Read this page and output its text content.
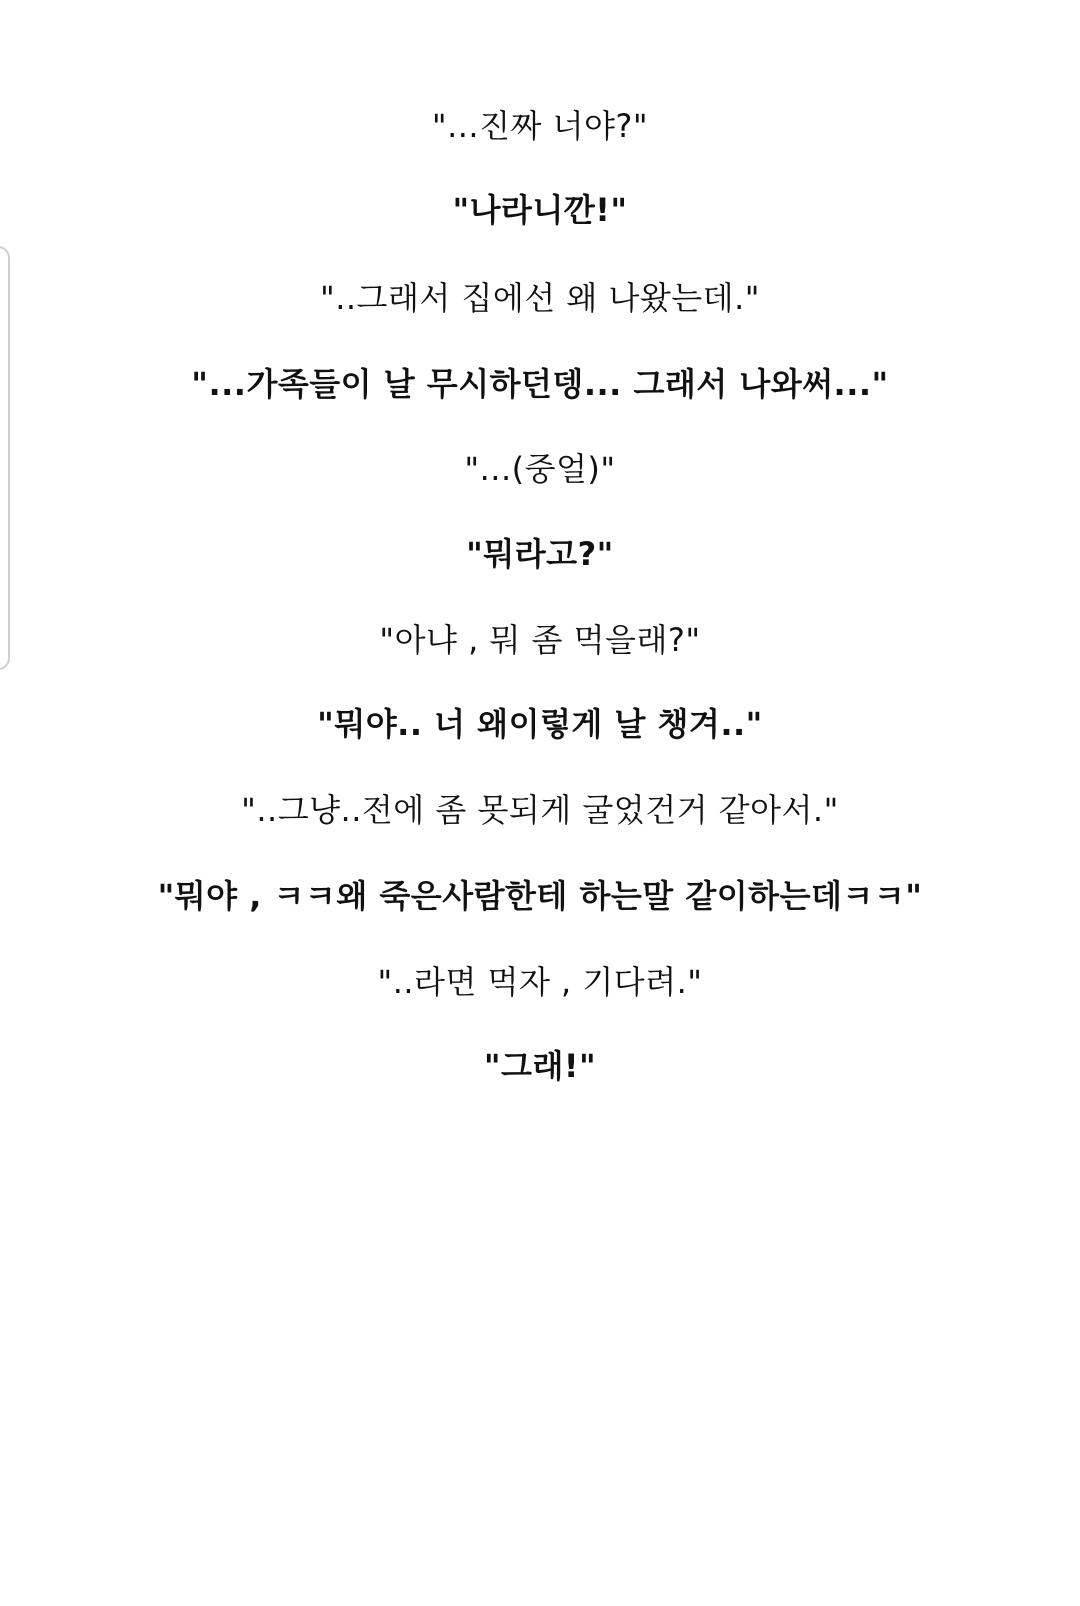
"...진짜 너야?"

"나라니깐!"

"..그래서 집에선 왜 나왔는데."

"...가족들이 날 무시하던뎅... 그래서 나와써..."

"...(중얼)"

"뭐라고?"

"아냐 , 뭐 좀 먹을래?"

"뭐야.. 너 왜이렇게 날 챙겨.."

"..그냥..전에 좀 못되게 굴었건거 같아서."

"뭐야 , ㅋㅋ왜 죽은사람한테 하는말 같이하는데ㅋㅋ"

"..라면 먹자 , 기다려."

"그래!"
